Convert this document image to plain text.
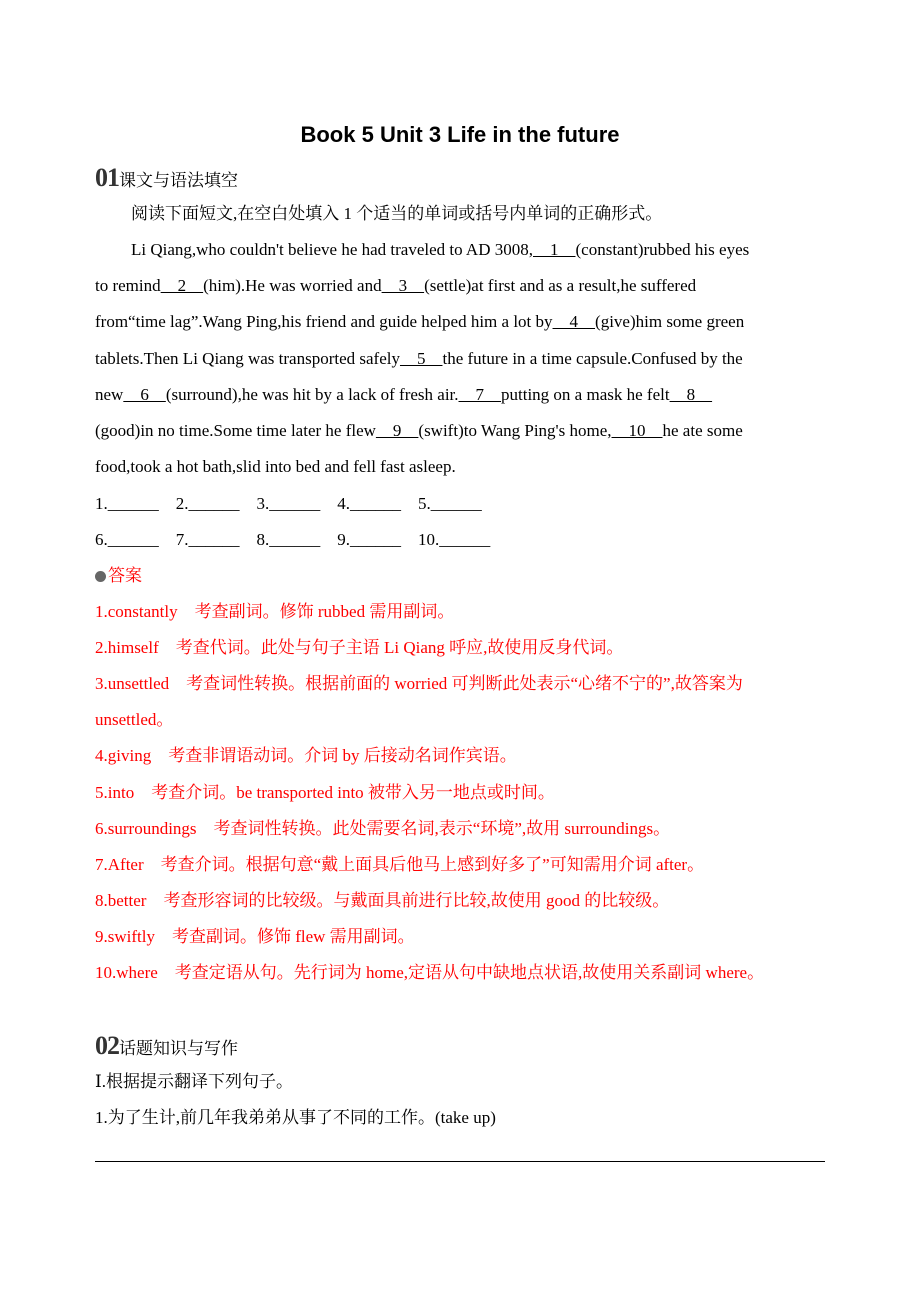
Book 5 Unit 3 Life in the future
01课文与语法填空
阅读下面短文,在空白处填入 1 个适当的单词或括号内单词的正确形式。
Li Qiang,who couldn't believe he had traveled to AD 3008,    1    (constant)rubbed his eyes
to remind    2    (him).He was worried and    3    (settle)at first and as a result,he suffered
from“time lag”.Wang Ping,his friend and guide helped him a lot by    4    (give)him some green
tablets.Then Li Qiang was transported safely    5    the future in a time capsule.Confused by the
new    6    (surround),he was hit by a lack of fresh air.    7    putting on a mask he felt    8
(good)in no time.Some time later he flew    9    (swift)to Wang Ping's home,    10    he ate some
food,took a hot bath,slid into bed and fell fast asleep.
1.______    2.______    3.______    4.______    5.______
6.______    7.______    8.______    9.______    10.______
答案
1.constantly    考查副词。修饰 rubbed 需用副词。
2.himself    考查代词。此处与句子主语 Li Qiang 呼应,故使用反身代词。
3.unsettled    考查词性转换。根据前面的 worried 可判断此处表示“心绪不宁的”,故答案为
unsettled。
4.giving    考查非谓语动词。介词 by 后接动名词作宾语。
5.into    考查介词。be transported into 被带入另一地点或时间。
6.surroundings    考查词性转换。此处需要名词,表示“环境”,故用 surroundings。
7.After    考查介词。根据句意“戴上面具后他马上感到好多了”可知需用介词 after。
8.better    考查形容词的比较级。与戴面具前进行比较,故使用 good 的比较级。
9.swiftly    考查副词。修饰 flew 需用副词。
10.where    考查定语从句。先行词为 home,定语从句中缺地点状语,故使用关系副词 where。
02话题知识与写作
Ⅰ.根据提示翻译下列句子。
1.为了生计,前几年我弟弟从事了不同的工作。(take up)
